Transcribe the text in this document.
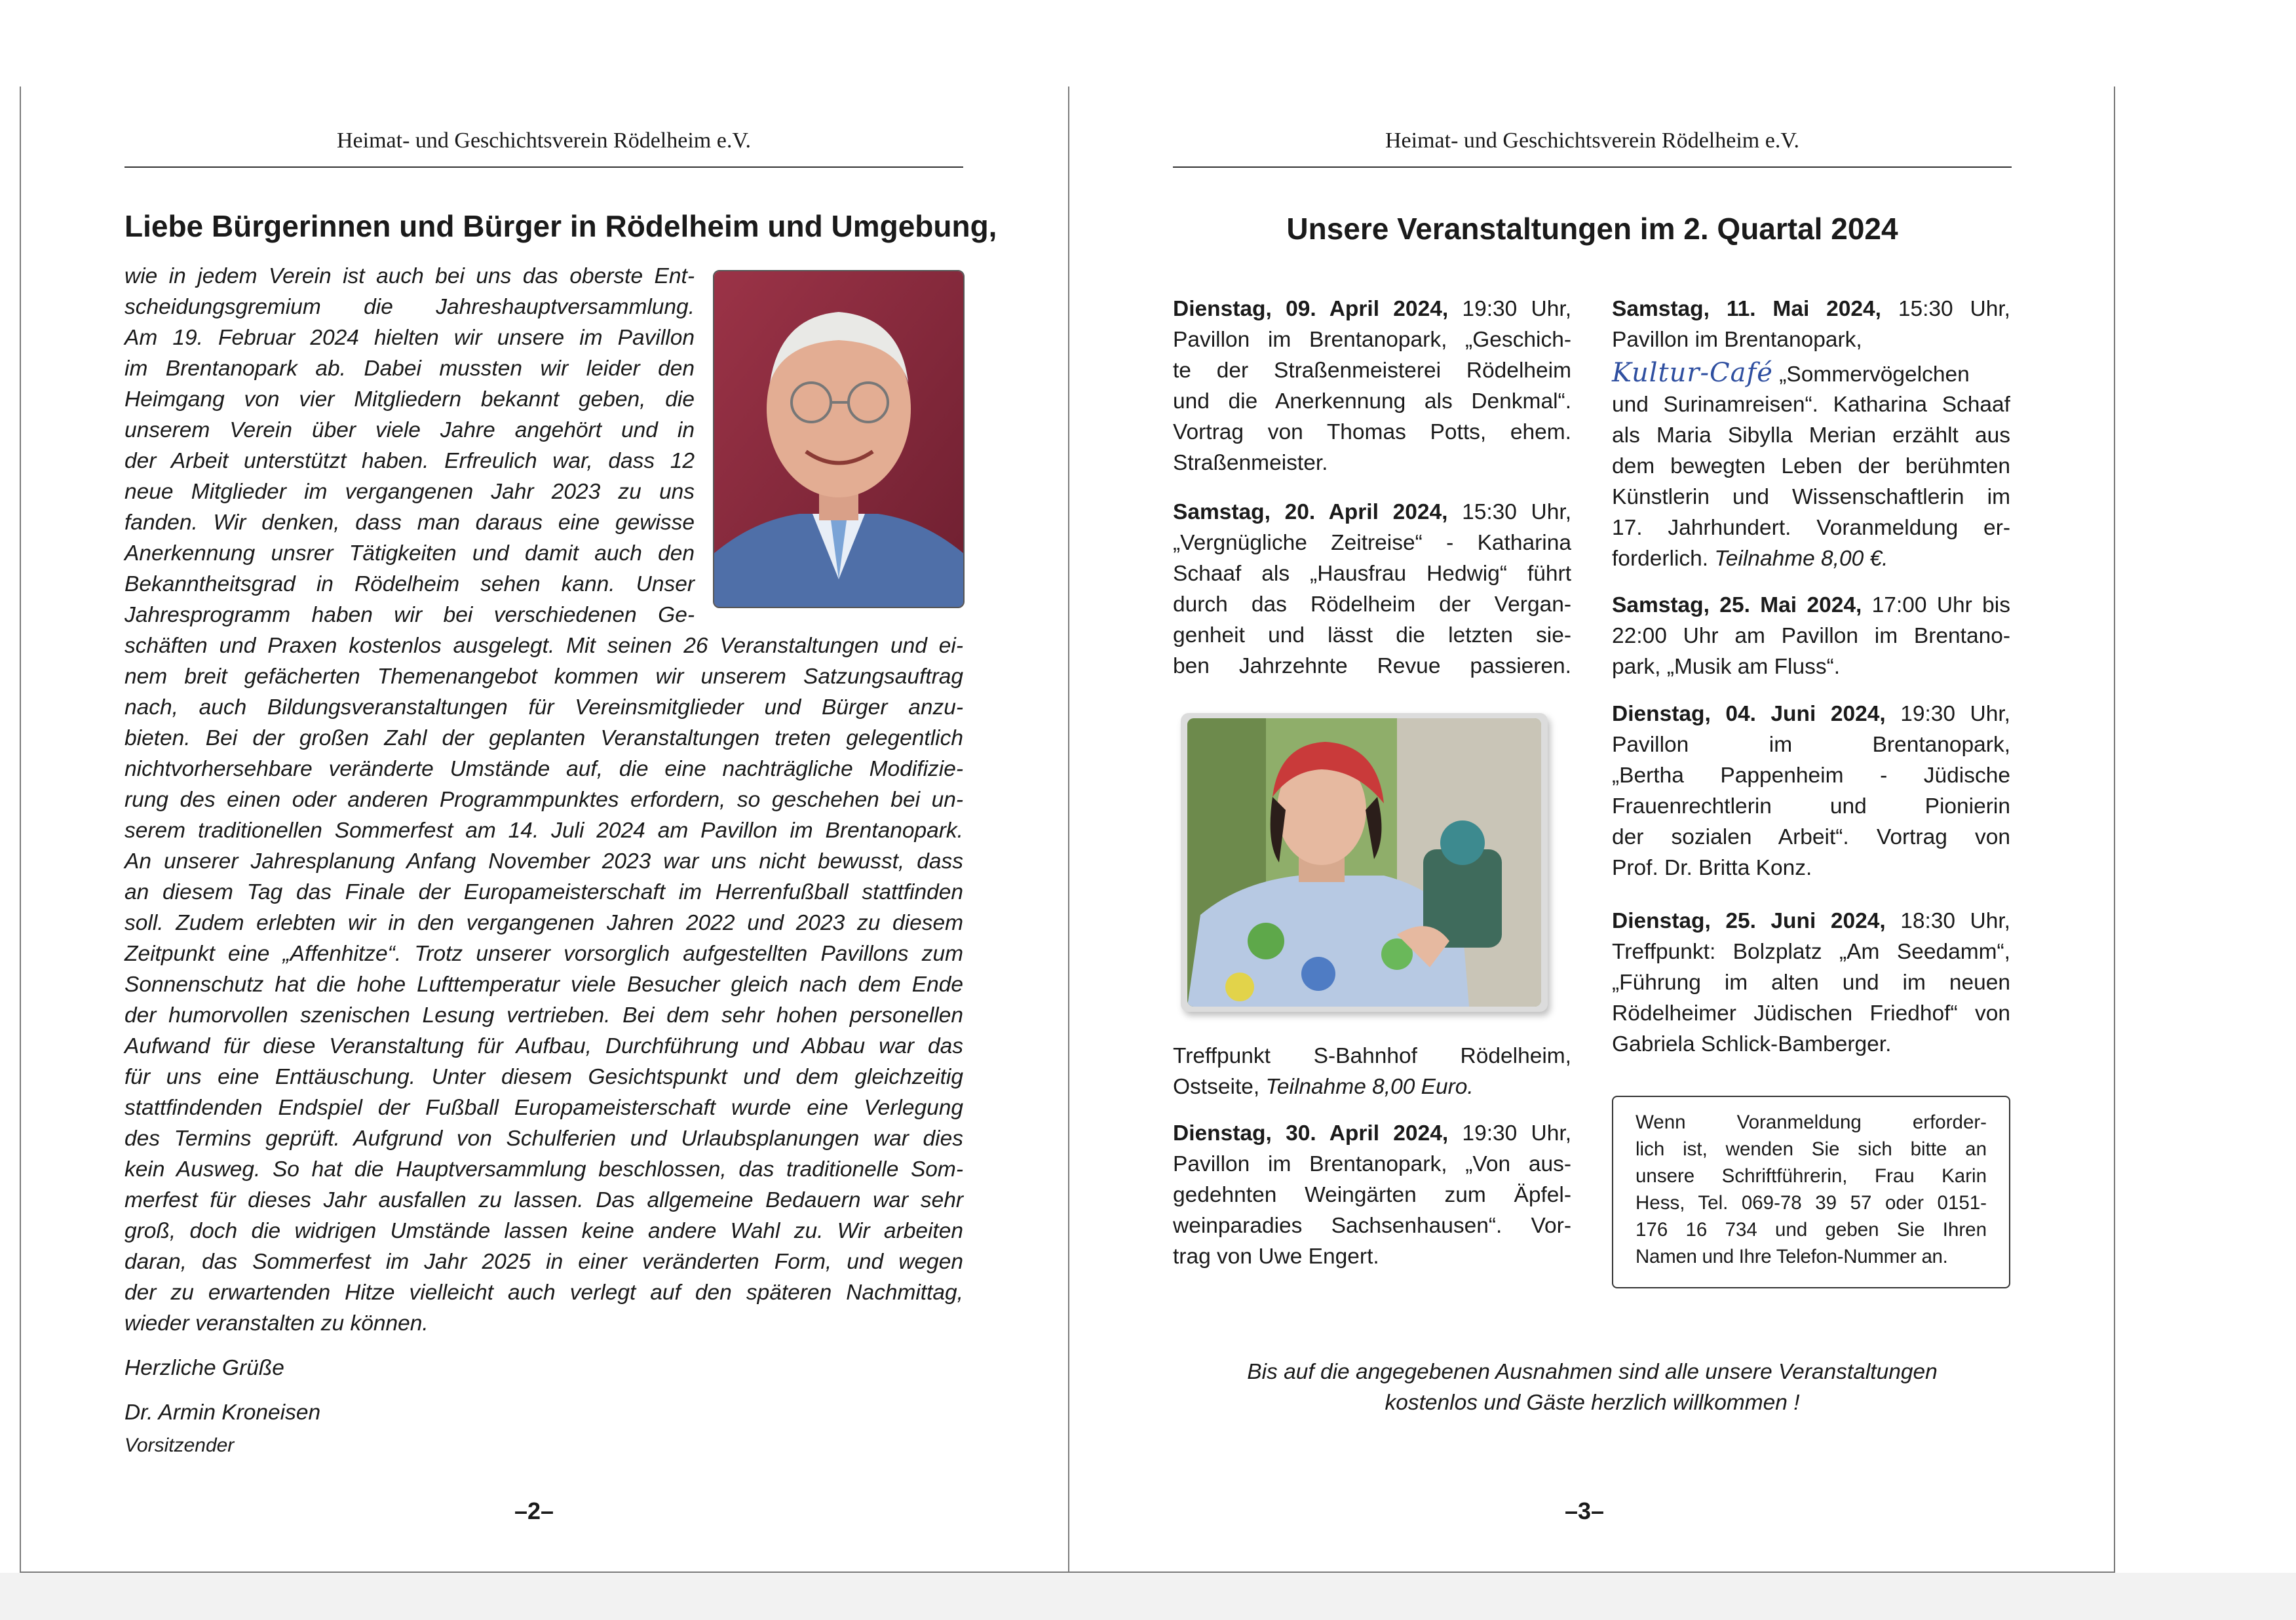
Heimat- und Geschichtsverein Rödelheim e.V.
Liebe Bürgerinnen und Bürger in Rödelheim und Umgebung,
wie in jedem Verein ist auch bei uns das oberste Ent-
scheidungsgremium die Jahreshauptversammlung.
Am 19. Februar 2024 hielten wir unsere im Pavillon
im Brentanopark ab. Dabei mussten wir leider den
Heimgang von vier Mitgliedern bekannt geben, die
unserem Verein über viele Jahre angehört und in
der Arbeit unterstützt haben. Erfreulich war, dass 12
neue Mitglieder im vergangenen Jahr 2023 zu uns
fanden. Wir denken, dass man daraus eine gewisse
Anerkennung unsrer Tätigkeiten und damit auch den
Bekanntheitsgrad in Rödelheim sehen kann. Unser
Jahresprogramm haben wir bei verschiedenen Ge-
schäften und Praxen kostenlos ausgelegt. Mit seinen 26 Veranstaltungen und ei-
nem breit gefächerten Themenangebot kommen wir unserem Satzungsauftrag
nach, auch Bildungsveranstaltungen für Vereinsmitglieder und Bürger anzu-
bieten. Bei der großen Zahl der geplanten Veranstaltungen treten gelegentlich
nichtvorhersehbare veränderte Umstände auf, die eine nachträgliche Modifizie-
rung des einen oder anderen Programmpunktes erfordern, so geschehen bei un-
serem traditionellen Sommerfest am 14. Juli 2024 am Pavillon im Brentanopark.
An unserer Jahresplanung Anfang November 2023 war uns nicht bewusst, dass
an diesem Tag das Finale der Europameisterschaft im Herrenfußball stattfinden
soll. Zudem erlebten wir in den vergangenen Jahren 2022 und 2023 zu diesem
Zeitpunkt eine „Affenhitze“. Trotz unserer vorsorglich aufgestellten Pavillons zum
Sonnenschutz hat die hohe Lufttemperatur viele Besucher gleich nach dem Ende
der humorvollen szenischen Lesung vertrieben. Bei dem sehr hohen personellen
Aufwand für diese Veranstaltung für Aufbau, Durchführung und Abbau war das
für uns eine Enttäuschung. Unter diesem Gesichtspunkt und dem gleichzeitig
stattfindenden Endspiel der Fußball Europameisterschaft wurde eine Verlegung
des Termins geprüft. Aufgrund von Schulferien und Urlaubsplanungen war dies
kein Ausweg. So hat die Hauptversammlung beschlossen, das traditionelle Som-
merfest für dieses Jahr ausfallen zu lassen. Das allgemeine Bedauern war sehr
groß, doch die widrigen Umstände lassen keine andere Wahl zu. Wir arbeiten
daran, das Sommerfest im Jahr 2025 in einer veränderten Form, und wegen
der zu erwartenden Hitze vielleicht auch verlegt auf den späteren Nachmittag,
wieder veranstalten zu können.
Herzliche Grüße
Dr. Armin Kroneisen
Vorsitzender
–2–
Heimat- und Geschichtsverein Rödelheim e.V.
Unsere Veranstaltungen im 2. Quartal 2024
Dienstag, 09. April 2024, 19:30 Uhr,
Pavillon im Brentanopark, „Geschich-
te der Straßenmeisterei Rödelheim
und die Anerkennung als Denkmal“.
Vortrag von Thomas Potts, ehem.
Straßenmeister.
Samstag, 20. April 2024, 15:30 Uhr,
„Vergnügliche Zeitreise“ - Katharina
Schaaf als „Hausfrau Hedwig“ führt
durch das Rödelheim der Vergan-
genheit und lässt die letzten sie-
ben Jahrzehnte Revue passieren.
Treffpunkt S-Bahnhof Rödelheim,
Ostseite, Teilnahme 8,00 Euro.
Dienstag, 30. April 2024, 19:30 Uhr,
Pavillon im Brentanopark, „Von aus-
gedehnten Weingärten zum Äpfel-
weinparadies Sachsenhausen“. Vor-
trag von Uwe Engert.
Samstag, 11. Mai 2024, 15:30 Uhr,
Pavillon im Brentanopark,
Kultur-Café „Sommervögelchen
und Surinamreisen“. Katharina Schaaf
als Maria Sibylla Merian erzählt aus
dem bewegten Leben der berühmten
Künstlerin und Wissenschaftlerin im
17. Jahrhundert. Voranmeldung er-
forderlich. Teilnahme 8,00 €.
Samstag, 25. Mai 2024, 17:00 Uhr bis
22:00 Uhr am Pavillon im Brentano-
park, „Musik am Fluss“.
Dienstag, 04. Juni 2024, 19:30 Uhr,
Pavillon im Brentanopark,
„Bertha Pappenheim - Jüdische
Frauenrechtlerin und Pionierin
der sozialen Arbeit“. Vortrag von
Prof. Dr. Britta Konz.
Dienstag, 25. Juni 2024, 18:30 Uhr,
Treffpunkt: Bolzplatz „Am Seedamm“,
„Führung im alten und im neuen
Rödelheimer Jüdischen Friedhof“ von
Gabriela Schlick-Bamberger.
Wenn Voranmeldung erforder-
lich ist, wenden Sie sich bitte an
unsere Schriftführerin, Frau Karin
Hess, Tel. 069-78 39 57 oder 0151-
176 16 734 und geben Sie Ihren
Namen und Ihre Telefon-Nummer an.
Bis auf die angegebenen Ausnahmen sind alle unsere Veranstaltungen
kostenlos und Gäste herzlich willkommen !
–3–
